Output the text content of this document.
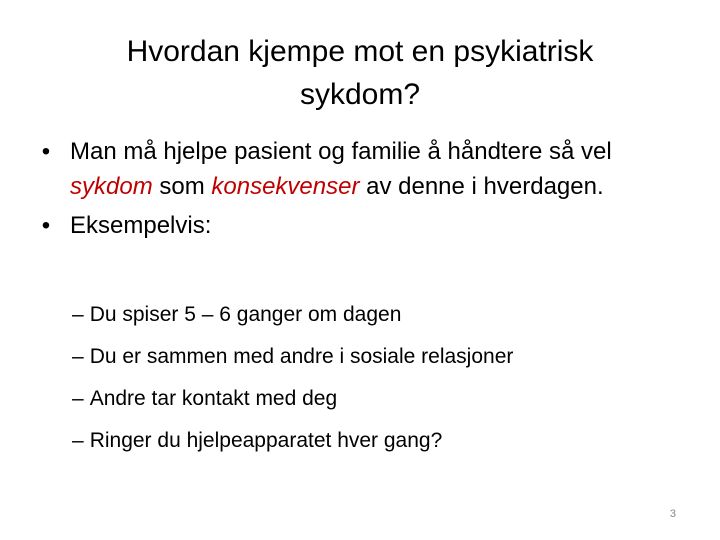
Hvordan kjempe mot en psykiatrisk
sykdom?
• Man må hjelpe pasient og familie å håndtere så vel sykdom som konsekvenser av denne i hverdagen.
• Eksempelvis:
– Du spiser 5 – 6 ganger om dagen
– Du er sammen med andre i sosiale relasjoner
– Andre tar kontakt med deg
– Ringer du hjelpeapparatet hver gang?
3
